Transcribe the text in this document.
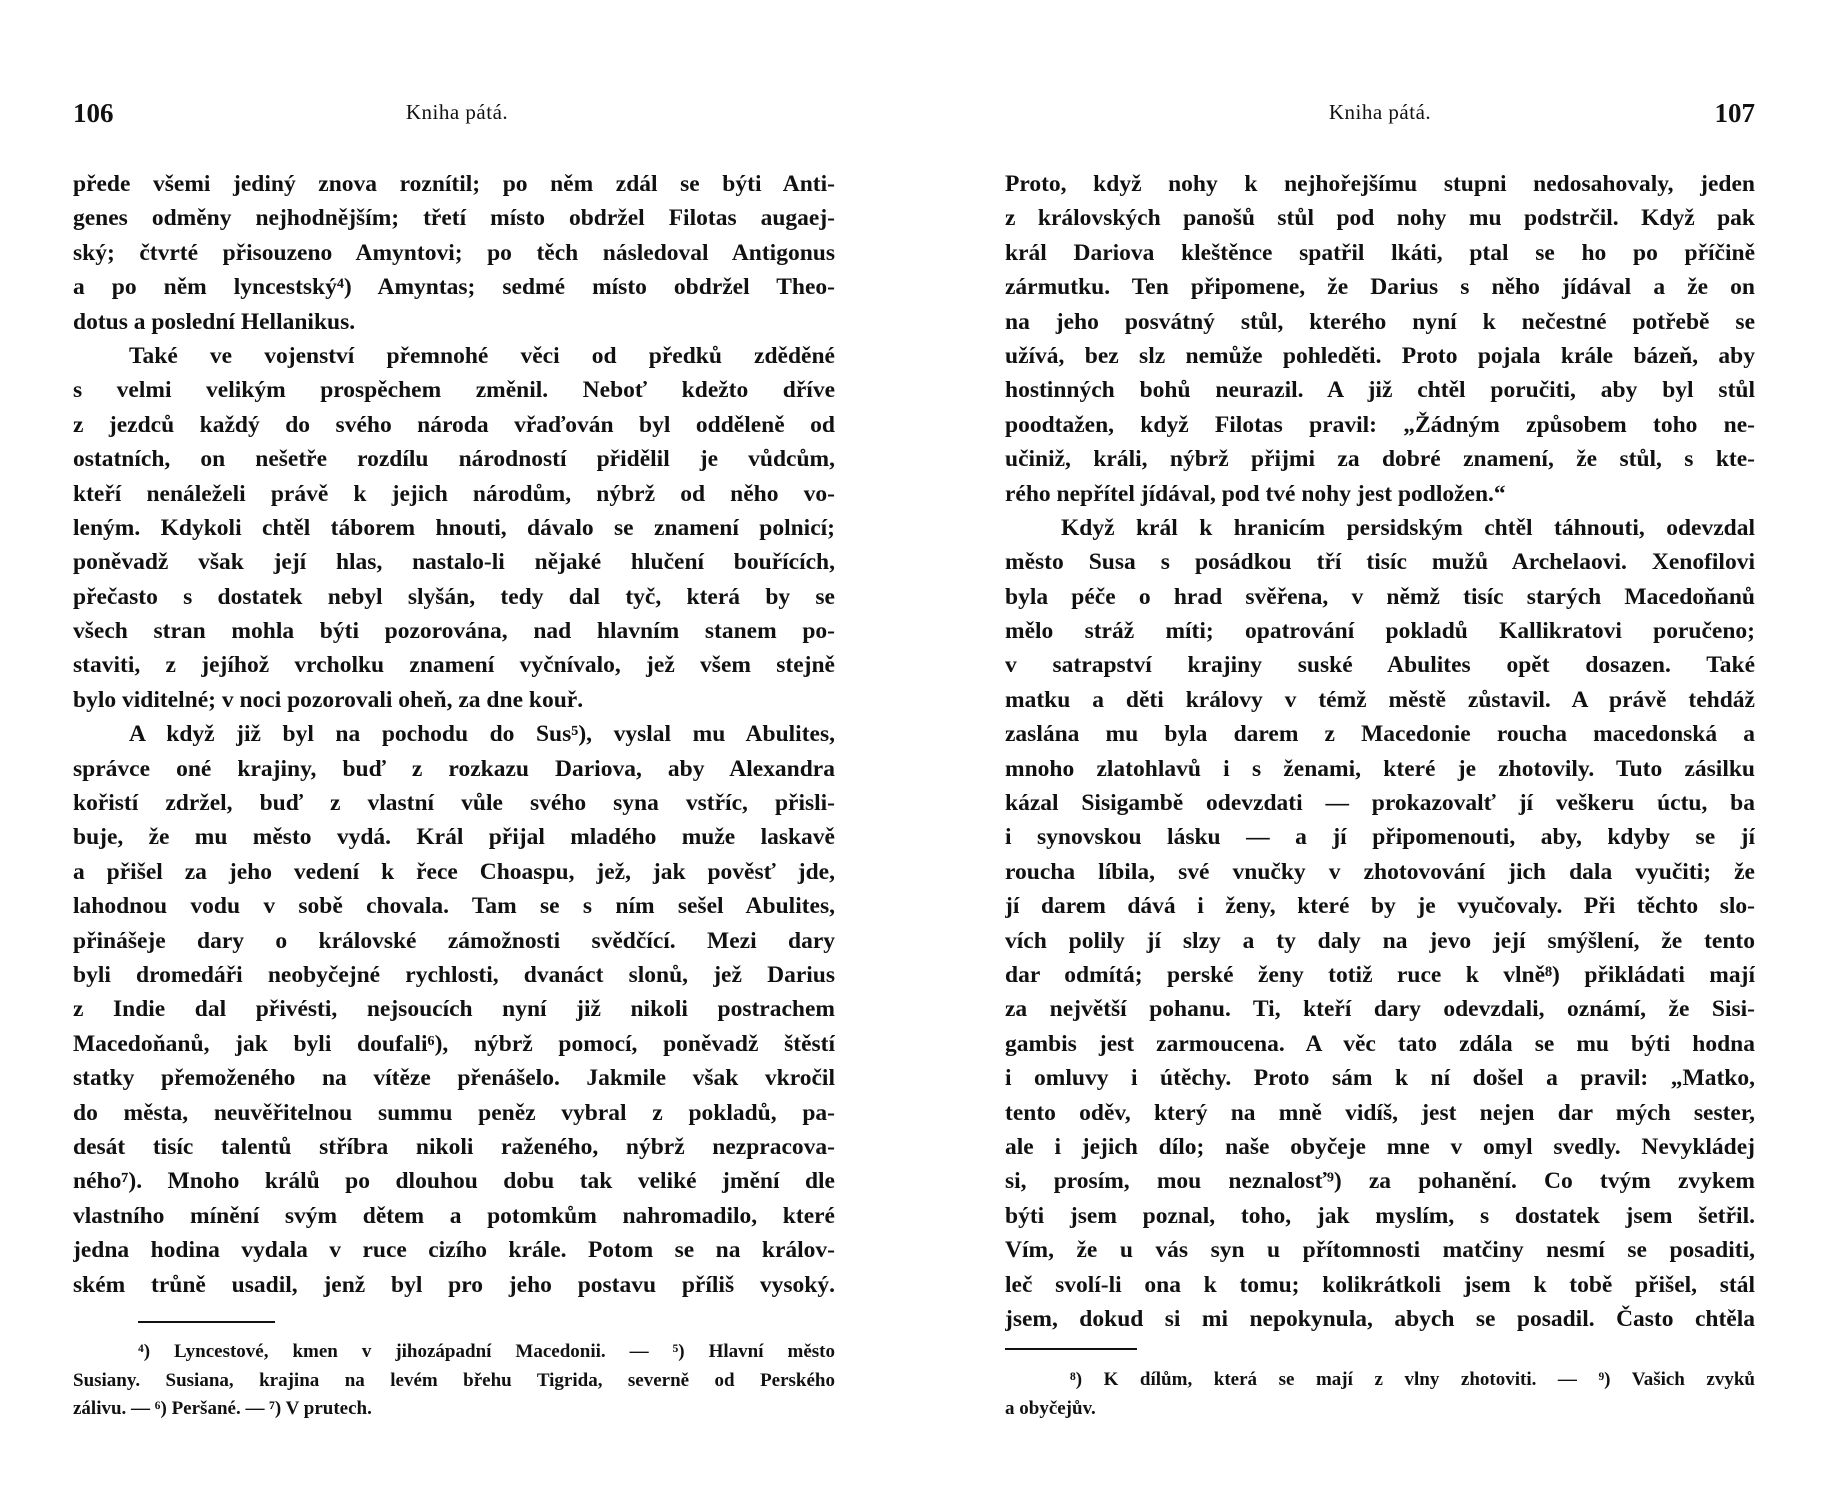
106	Kniha pátá.
přede všemi jediný znova roznítil; po něm zdál se býti Anti-
genes odměny nejhodnějším; třetí místo obdržel Filotas augaej-
ský; čtvrté přisouzeno Amyntovi; po těch následoval Antigonus
a po něm lyncestský⁴) Amyntas; sedmé místo obdržel Theo-
dotus a poslední Hellanikus.
Také ve vojenství přemnohé věci od předků zděděné
s velmi velikým prospěchem změnil. Neboť kdežto dříve
z jezdců každý do svého národa vřaďován byl odděleně od
ostatních, on nešetře rozdílu národností přidělil je vůdcům,
kteří nenáleželi právě k jejich národům, nýbrž od něho vo-
leným. Kdykoli chtěl táborem hnouti, dávalo se znamení polnicí;
poněvadž však její hlas, nastalo-li nějaké hlučení bouřících,
přečasto s dostatek nebyl slyšán, tedy dal tyč, která by se
všech stran mohla býti pozorována, nad hlavním stanem po-
staviti, z jejíhož vrcholku znamení vyčnívalo, jež všem stejně
bylo viditelné; v noci pozorovali oheň, za dne kouř.
A když již byl na pochodu do Sus⁵), vyslal mu Abulites,
správce oné krajiny, buď z rozkazu Dariova, aby Alexandra
kořistí zdržel, buď z vlastní vůle svého syna vstříc, přisli-
buje, že mu město vydá. Král přijal mladého muže laskavě
a přišel za jeho vedení k řece Choaspu, jež, jak pověsť jde,
lahodnou vodu v sobě chovala. Tam se s ním sešel Abulites,
přinášeje dary o královské zámožnosti svědčící. Mezi dary
byli dromedáři neobyčejné rychlosti, dvanáct slonů, jež Darius
z Indie dal přivésti, nejsoucích nyní již nikoli postrachem
Macedoňanů, jak byli doufali⁶), nýbrž pomocí, poněvadž štěstí
statky přemoženého na vítěze přenášelo. Jakmile však vkročil
do města, neuvěřitelnou summu peněz vybral z pokladů, pa-
desát tisíc talentů stříbra nikoli raženého, nýbrž nezpracova-
ného⁷). Mnoho králů po dlouhou dobu tak veliké jmění dle
vlastního mínění svým dětem a potomkům nahromadilo, které
jedna hodina vydala v ruce cizího krále. Potom se na králov-
ském trůně usadil, jenž byl pro jeho postavu příliš vysoký.
⁴) Lyncestové, kmen v jihozápadní Macedonii. — ⁵) Hlavní město
Susiany. Susiana, krajina na levém břehu Tigrida, severně od Perského
zálivu. — ⁶) Peršané. — ⁷) V prutech.
107
Kniha pátá.
Proto, když nohy k nejhořejšímu stupni nedosahovaly, jeden
z královských panošů stůl pod nohy mu podstrčil. Když pak
král Dariova kleštěnce spatřil lkáti, ptal se ho po příčině
zármutku. Ten připomene, že Darius s něho jídával a že on
na jeho posvátný stůl, kterého nyní k nečestné potřebě se
užívá, bez slz nemůže pohleděti. Proto pojala krále bázeň, aby
hostinných bohů neurazil. A již chtěl poručiti, aby byl stůl
poodtažen, když Filotas pravil: „Žádným způsobem toho ne-
učiniž, králi, nýbrž přijmi za dobré znamení, že stůl, s kte-
rého nepřítel jídával, pod tvé nohy jest podložen.“
Když král k hranicím persidským chtěl táhnouti, odevzdal
město Susa s posádkou tří tisíc mužů Archelaovi. Xenofilovi
byla péče o hrad svěřena, v němž tisíc starých Macedoňanů
mělo stráž míti; opatrování pokladů Kallikratovi poručeno;
v satrapství krajiny suské Abulites opět dosazen. Také
matku a děti královy v témž městě zůstavil. A právě tehdáž
zaslána mu byla darem z Macedonie roucha macedonská a
mnoho zlatohlavů i s ženami, které je zhotovily. Tuto zásilku
kázal Sisigambě odevzdati — prokazovalť jí veškeru úctu, ba
i synovskou lásku — a jí připomenouti, aby, kdyby se jí
roucha líbila, své vnučky v zhotovování jich dala vyučiti; že
jí darem dává i ženy, které by je vyučovaly. Při těchto slo-
vích polily jí slzy a ty daly na jevo její smýšlení, že tento
dar odmítá; perské ženy totiž ruce k vlně⁸) přikládati mají
za největší pohanu. Ti, kteří dary odevzdali, oznámí, že Sisi-
gambis jest zarmoucena. A věc tato zdála se mu býti hodna
i omluvy i útěchy. Proto sám k ní došel a pravil: „Matko,
tento oděv, který na mně vidíš, jest nejen dar mých sester,
ale i jejich dílo; naše obyčeje mne v omyl svedly. Nevykládej
si, prosím, mou neznalosť⁹) za pohanění. Co tvým zvykem
býti jsem poznal, toho, jak myslím, s dostatek jsem šetřil.
Vím, že u vás syn u přítomnosti matčiny nesmí se posaditi,
leč svolí-li ona k tomu; kolikrátkoli jsem k tobě přišel, stál
jsem, dokud si mi nepokynula, abych se posadil. Často chtěla
⁸) K dílům, která se mají z vlny zhotoviti. — ⁹) Vašich zvyků
a obyčejův.
